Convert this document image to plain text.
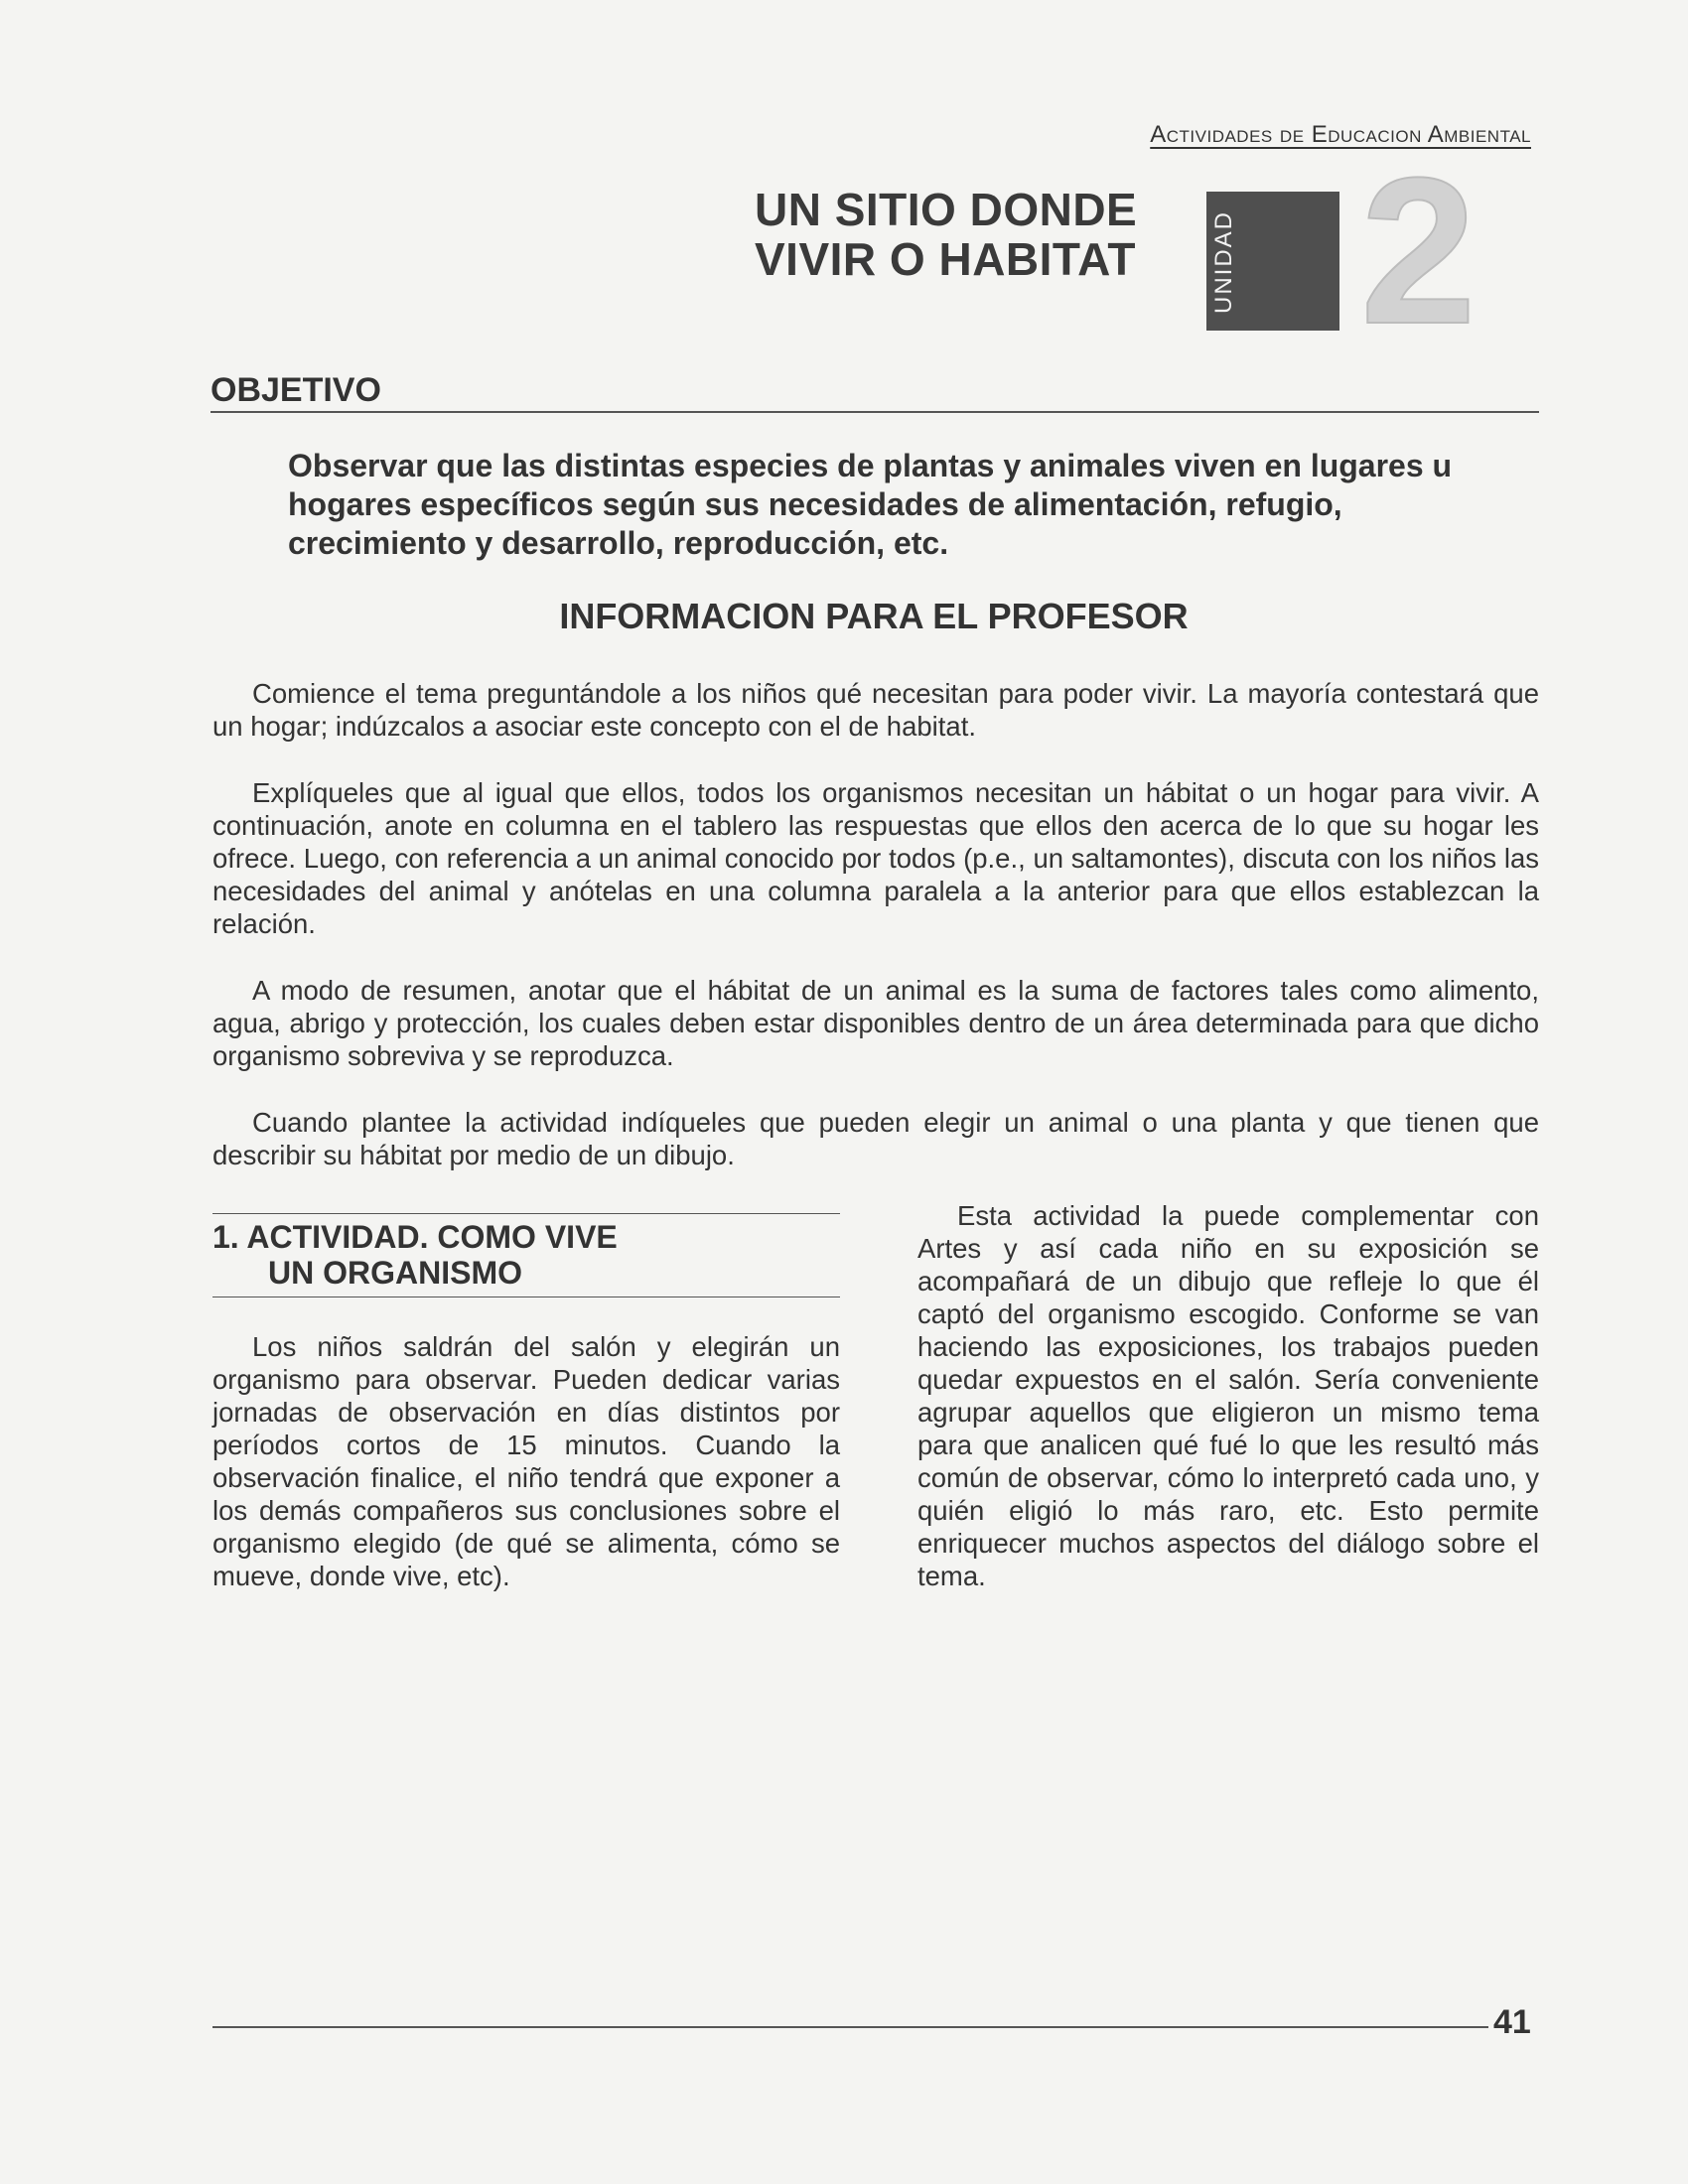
Actividades de Educacion Ambiental
UN SITIO DONDE
VIVIR O HABITAT	UNIDAD 2
OBJETIVO
Observar que las distintas especies de plantas y animales viven en lugares u hogares específicos según sus necesidades de alimentación, refugio, crecimiento y desarrollo, reproducción, etc.
INFORMACION PARA EL PROFESOR

Comience el tema preguntándole a los niños qué necesitan para poder vivir. La mayoría contestará que un hogar; indúzcalos a asociar este concepto con el de habitat.

Explíqueles que al igual que ellos, todos los organismos necesitan un hábitat o un hogar para vivir. A continuación, anote en columna en el tablero las respuestas que ellos den acerca de lo que su hogar les ofrece. Luego, con referencia a un animal conocido por todos (p.e., un saltamontes), discuta con los niños las necesidades del animal y anótelas en una columna paralela a la anterior para que ellos establezcan la relación.

A modo de resumen, anotar que el hábitat de un animal es la suma de factores tales como alimento, agua, abrigo y protección, los cuales deben estar disponibles dentro de un área determinada para que dicho organismo sobreviva y se reproduzca.

Cuando plantee la actividad indíqueles que pueden elegir un animal o una planta y que tienen que describir su hábitat por medio de un dibujo.

1. ACTIVIDAD. COMO VIVE
UN ORGANISMO

Los niños saldrán del salón y elegirán un organismo para observar. Pueden dedicar varias jornadas de observación en días distintos por períodos cortos de 15 minutos. Cuando la observación finalice, el niño tendrá que exponer a los demás compañeros sus conclusiones sobre el organismo elegido (de qué se alimenta, cómo se mueve, donde vive, etc).

Esta actividad la puede complementar con Artes y así cada niño en su exposición se acompañará de un dibujo que refleje lo que él captó del organismo escogido. Conforme se van haciendo las exposiciones, los trabajos pueden quedar expuestos en el salón. Sería conveniente agrupar aquellos que eligieron un mismo tema para que analicen qué fué lo que les resultó más común de observar, cómo lo interpretó cada uno, y quién eligió lo más raro, etc. Esto permite enriquecer muchos aspectos del diálogo sobre el tema.

41
